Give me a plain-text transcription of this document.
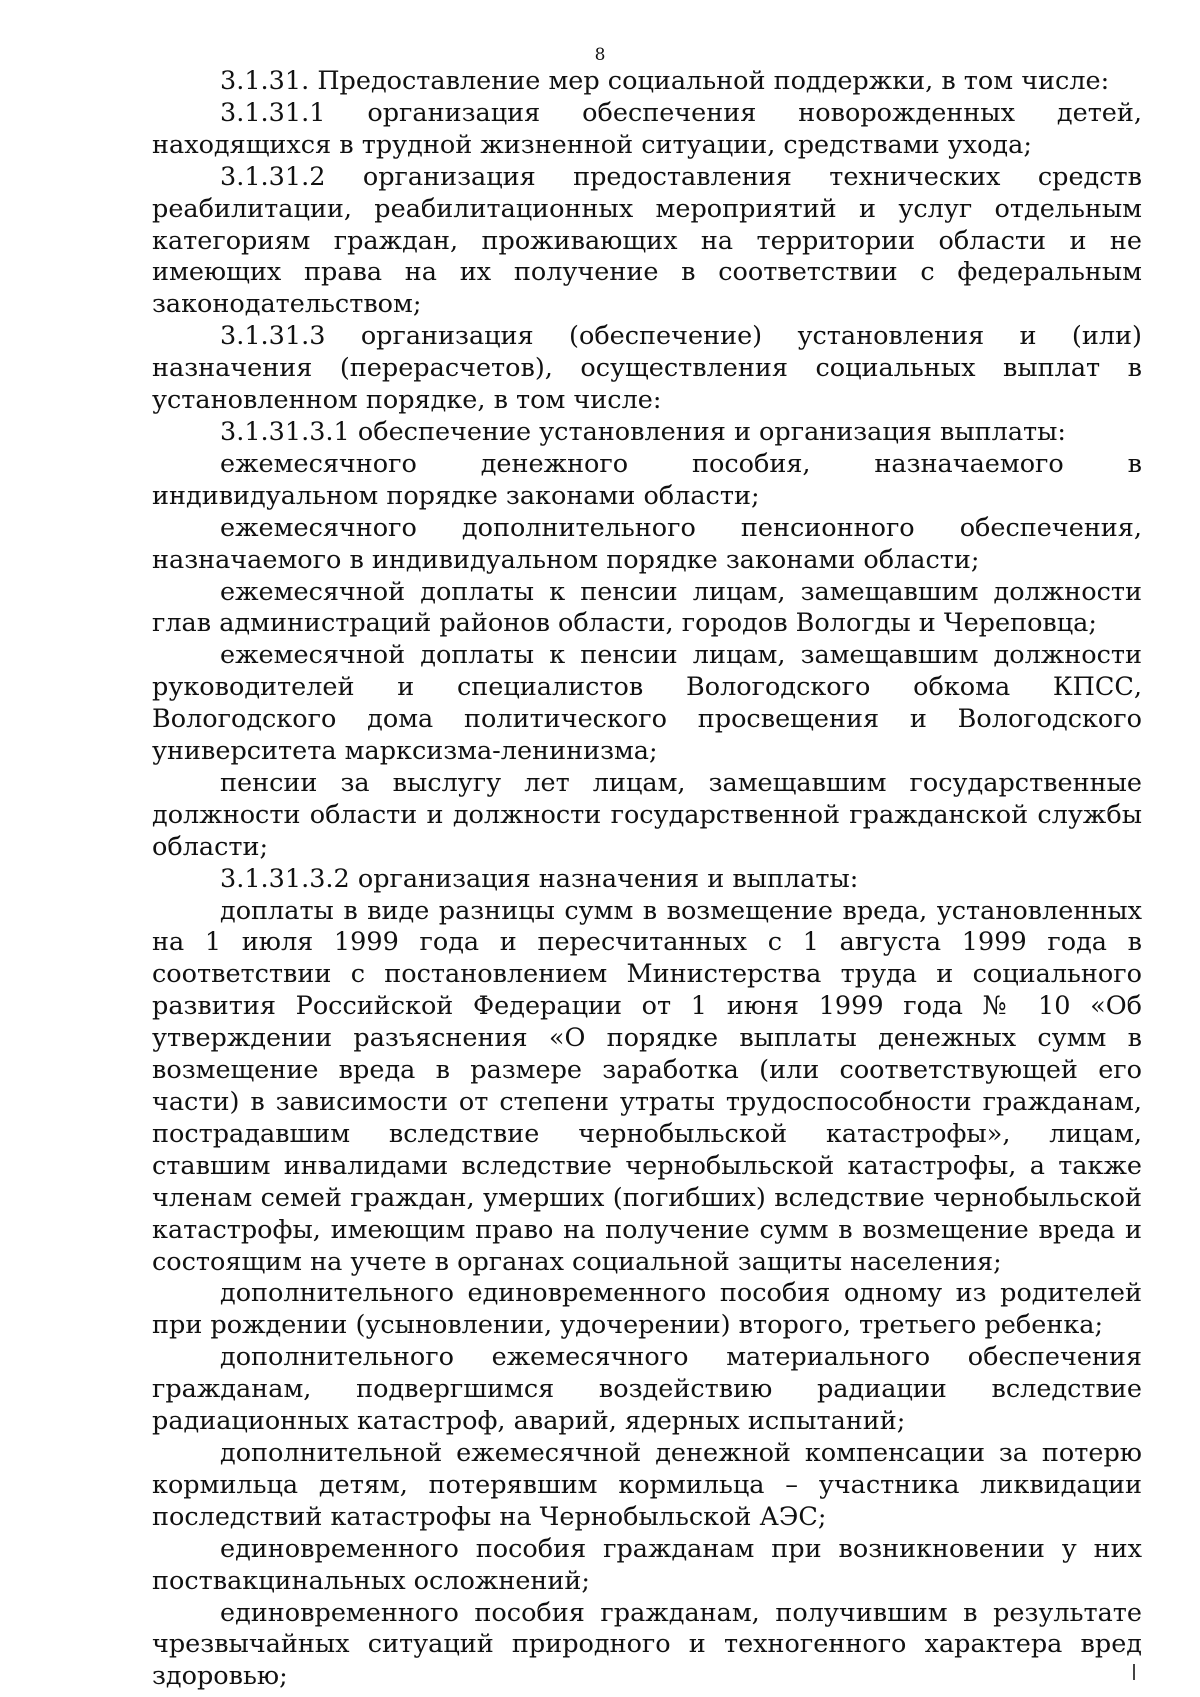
8

3.1.31. Предоставление мер социальной поддержки, в том числе:

3.1.31.1 организация обеспечения новорожденных детей, находящихся в трудной жизненной ситуации, средствами ухода;

3.1.31.2 организация предоставления технических средств реабилитации, реабилитационных мероприятий и услуг отдельным категориям граждан, проживающих на территории области и не имеющих права на их получение в соответствии с федеральным законодательством;

3.1.31.3 организация (обеспечение) установления и (или) назначения (перерасчетов), осуществления социальных выплат в установленном порядке, в том числе:

3.1.31.3.1 обеспечение установления и организация выплаты:

ежемесячного денежного пособия, назначаемого в индивидуальном порядке законами области;

ежемесячного дополнительного пенсионного обеспечения, назначаемого в индивидуальном порядке законами области;

ежемесячной доплаты к пенсии лицам, замещавшим должности глав администраций районов области, городов Вологды и Череповца;

ежемесячной доплаты к пенсии лицам, замещавшим должности руководителей и специалистов Вологодского обкома КПСС, Вологодского дома политического просвещения и Вологодского университета марксизма-ленинизма;

пенсии за выслугу лет лицам, замещавшим государственные должности области и должности государственной гражданской службы области;

3.1.31.3.2 организация назначения и выплаты:

доплаты в виде разницы сумм в возмещение вреда, установленных на 1 июля 1999 года и пересчитанных с 1 августа 1999 года в соответствии с постановлением Министерства труда и социального развития Российской Федерации от 1 июня 1999 года № 10 «Об утверждении разъяснения «О порядке выплаты денежных сумм в возмещение вреда в размере заработка (или соответствующей его части) в зависимости от степени утраты трудоспособности гражданам, пострадавшим вследствие чернобыльской катастрофы», лицам, ставшим инвалидами вследствие чернобыльской катастрофы, а также членам семей граждан, умерших (погибших) вследствие чернобыльской катастрофы, имеющим право на получение сумм в возмещение вреда и состоящим на учете в органах социальной защиты населения;

дополнительного единовременного пособия одному из родителей при рождении (усыновлении, удочерении) второго, третьего ребенка;

дополнительного ежемесячного материального обеспечения гражданам, подвергшимся воздействию радиации вследствие радиационных катастроф, аварий, ядерных испытаний;

дополнительной ежемесячной денежной компенсации за потерю кормильца детям, потерявшим кормильца – участника ликвидации последствий катастрофы на Чернобыльской АЭС;

единовременного пособия гражданам при возникновении у них поствакцинальных осложнений;

единовременного пособия гражданам, получившим в результате чрезвычайных ситуаций природного и техногенного характера вред здоровью;
